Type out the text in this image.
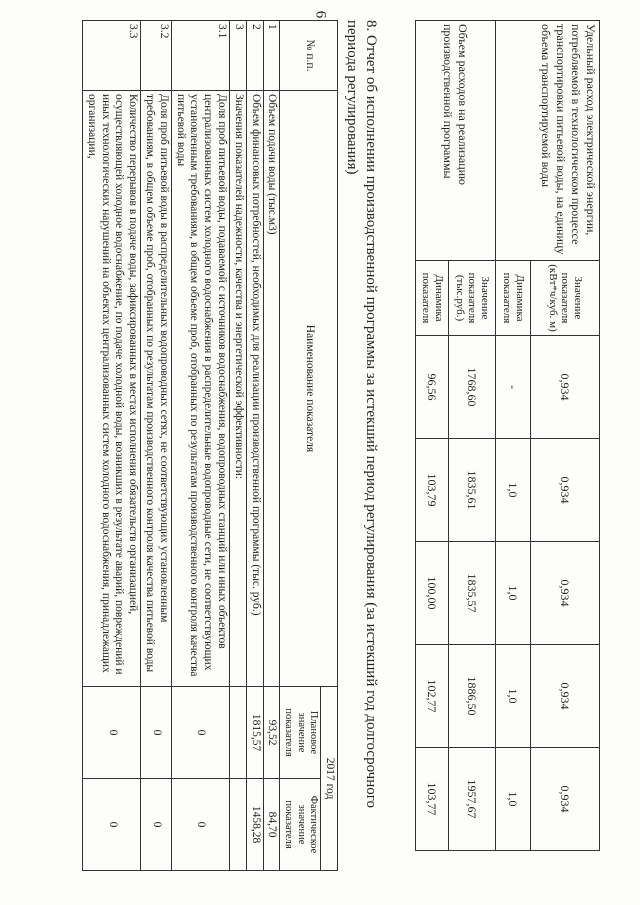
6
Удельный расход электрической энергии, потребляемой в технологическом процессе транспортировки питьевой воды, на единицу объема транспортируемой воды	Значение показателя (кВт*ч/куб. м)	0,934	0,934	0,934	0,934	0,934
	Динамика показателя	-	1,0	1,0	1,0	1,0
Объем расходов на реализацию производственной программы	Значение показателя (тыс.руб.)	1768,60	1835,61	1835,57	1886,50	1957,67
	Динамика показателя	96,56	103,79	100,00	102,77	103,77
8. Отчет об исполнении производственной программы за истекший период регулирования (за истекший год долгосрочного периода регулирования)
№ п.п.	Наименование показателя	2017 год	
		Плановое значение показателя	Фактическое значение показателя
1	Объем подачи воды (тыс.м3)	93,52	84,70
2	Объем финансовых потребностей, необходимых для реализации производственной программы (тыс. руб.)	1815,57	1458,28
3	Значения показателей надежности, качества и энергетической эффективности:		
3.1	Доля проб питьевой воды, подаваемой с источников водоснабжения, водопроводных станций или иных объектов централизованных систем холодного водоснабжения в распределительные водопроводные сети, не соответствующих установленным требованиям, в общем объеме проб, отобранных по результатам производственного контроля качества питьевой воды	0	0
3.2	Доля проб питьевой воды в распределительных водопроводных сетях, не соответствующих установленным требованиям, в общем объеме проб, отобранных по результатам производственного контроля качества питьевой воды	0	0
3.3	Количество перерывов в подаче воды, зафиксированных в местах исполнения обязательств организацией, осуществляющей холодное водоснабжение, по подаче холодной воды, возникших в результате аварий, повреждений и иных технологических нарушений на объектах централизованных систем холодного водоснабжения, принадлежащих организации,	0	0
